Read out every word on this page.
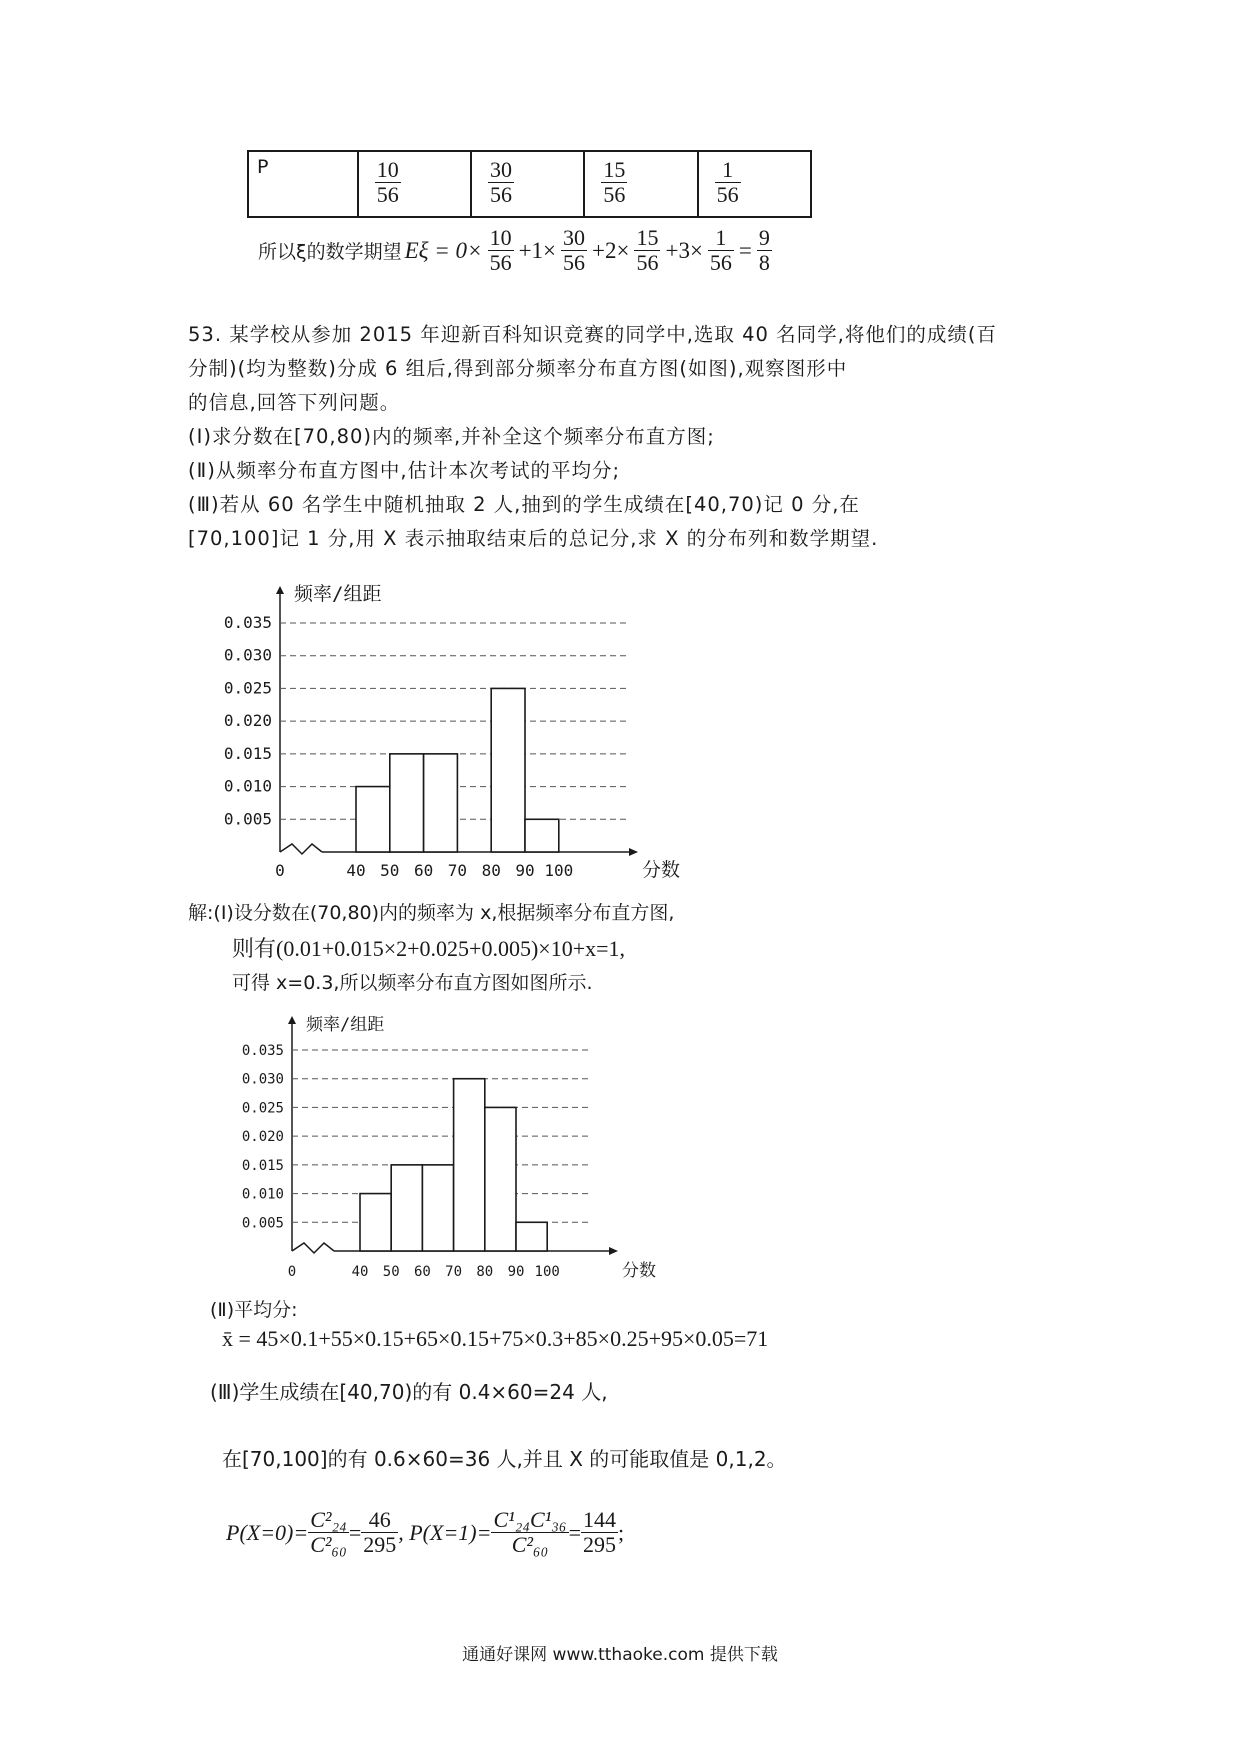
P	$\frac{10}{56}$	$\frac{30}{56}$	$\frac{15}{56}$	$\frac{1}{56}$
所以ξ的数学期望 $E\xi = 0\times \frac{10}{56} +1\times \frac{30}{56} +2\times \frac{15}{56} +3\times \frac{1}{56} = \frac{9}{8}$
53. 某学校从参加 2015 年迎新百科知识竞赛的同学中,选取 40 名同学,将他们的成绩(百
分制)(均为整数)分成 6 组后,得到部分频率分布直方图(如图),观察图形中
的信息,回答下列问题。
(Ⅰ)求分数在[70,80)内的频率,并补全这个频率分布直方图;
(Ⅱ)从频率分布直方图中,估计本次考试的平均分;
(Ⅲ)若从 60 名学生中随机抽取 2 人,抽到的学生成绩在[40,70)记 0 分,在
[70,100]记 1 分,用 X 表示抽取结束后的总记分,求 X 的分布列和数学期望.
0.035
0.030
0.025
0.020
0.015
0.010
0.005
0	40 50 60 70 80 90 100
频率/组距
分数
解:(Ⅰ)设分数在(70,80)内的频率为 x,根据频率分布直方图,
则有(0.01+0.015×2+0.025+0.005)×10+x=1,
可得 x=0.3,所以频率分布直方图如图所示.
0.035
0.030
0.025
0.020
0.015
0.010
0.005
0	40 50 60 70 80 90 100
频率/组距
分数
(Ⅱ)平均分:
x̄ = 45×0.1+55×0.15+65×0.15+75×0.3+85×0.25+95×0.05=71
(Ⅲ)学生成绩在[40,70)的有 0.4×60=24 人,
在[70,100]的有 0.6×60=36 人,并且 X 的可能取值是 0,1,2。
$P(X=0)= \frac{\text{C²₂₄}}{\text{C²₆₀}} = \frac{46}{295}$ , $P(X=1)= \frac{\text{C¹₂₄C¹₃₆}}{\text{C²₆₀}} = \frac{144}{295}$ ;
通通好课网 www.tthaoke.com 提供下载
